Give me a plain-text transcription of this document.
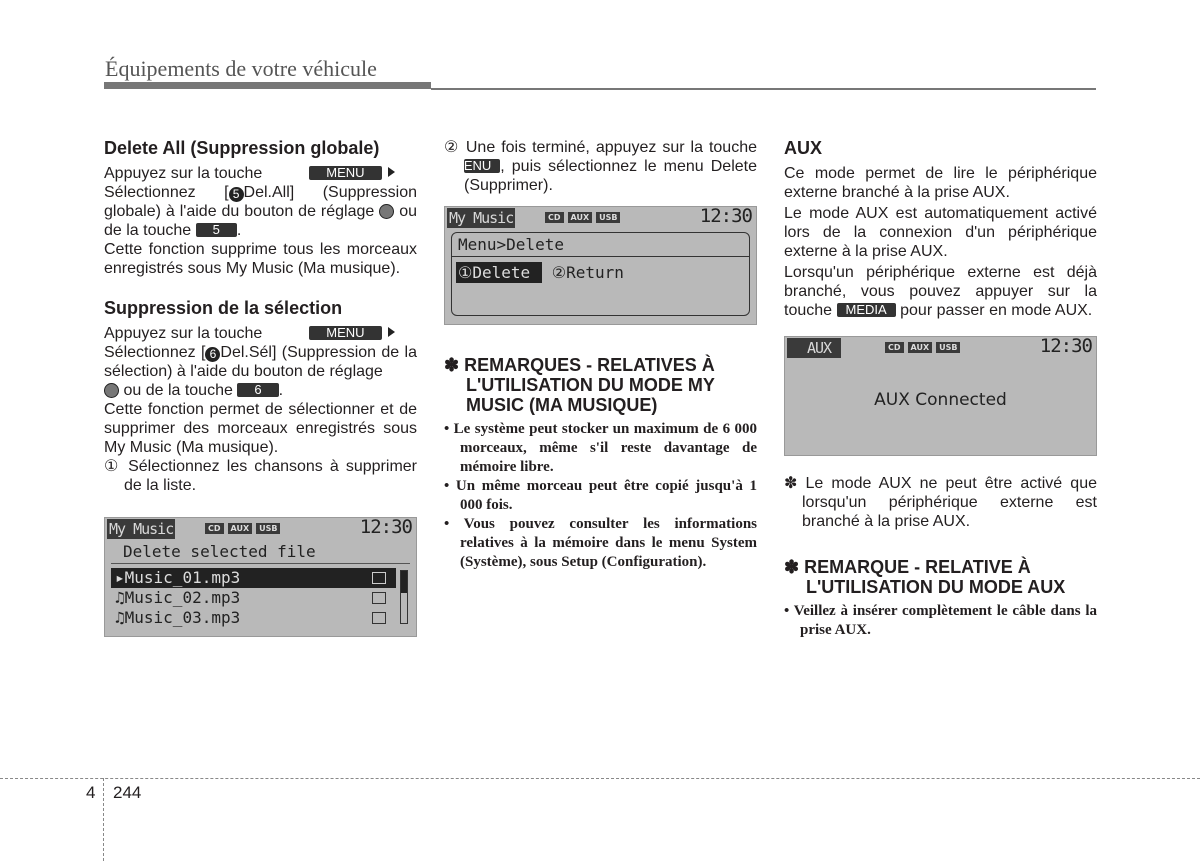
Équipements de votre véhicule
Delete All (Suppression globale)

Appuyez sur la touche	MENU
Sélectionnez [ 5 Del.All] (Suppression globale) à l'aide du bouton de réglage ou de la touche 5 .

Cette fonction supprime tous les morceaux enregistrés sous My Music (Ma musique).

Suppression de la sélection

Appuyez sur la touche	MENU
Sélectionnez [ 6 Del.Sél] (Suppression de la sélection) à l'aide du bouton de réglage
ou de la touche 6 .

Cette fonction permet de sélectionner et de supprimer des morceaux enregistrés sous My Music (Ma musique).

① Sélectionnez les chansons à supprimer de la liste.

My Music	CD	AUX	USB	12:30
Delete selected file
▸Music_01.mp3
♫Music_02.mp3
♫Music_03.mp3

② Une fois terminé, appuyez sur la touche MENU , puis sélectionnez le menu Delete (Supprimer).

My Music	CD	AUX	USB	12:30
Menu>Delete
①Delete ②Return
✽ REMARQUES - RELATIVES À L'UTILISATION DU MODE MY MUSIC (MA MUSIQUE)
• Le système peut stocker un maximum de 6 000 morceaux, même s'il reste davantage de mémoire libre.
• Un même morceau peut être copié jusqu'à 1 000 fois.
• Vous pouvez consulter les informations relatives à la mémoire dans le menu System (Système), sous Setup (Configuration).
AUX

Ce mode permet de lire le périphérique externe branché à la prise AUX.

Le mode AUX est automatiquement activé lors de la connexion d'un périphérique externe à la prise AUX.

Lorsqu'un périphérique externe est déjà branché, vous pouvez appuyer sur la touche MEDIA pour passer en mode AUX.

AUX	CD	AUX	USB	12:30
AUX Connected

✽ Le mode AUX ne peut être activé que lorsqu'un périphérique externe est branché à la prise AUX.

✽ REMARQUE - RELATIVE À L'UTILISATION DU MODE AUX
• Veillez à insérer complètement le câble dans la prise AUX.
4 244
